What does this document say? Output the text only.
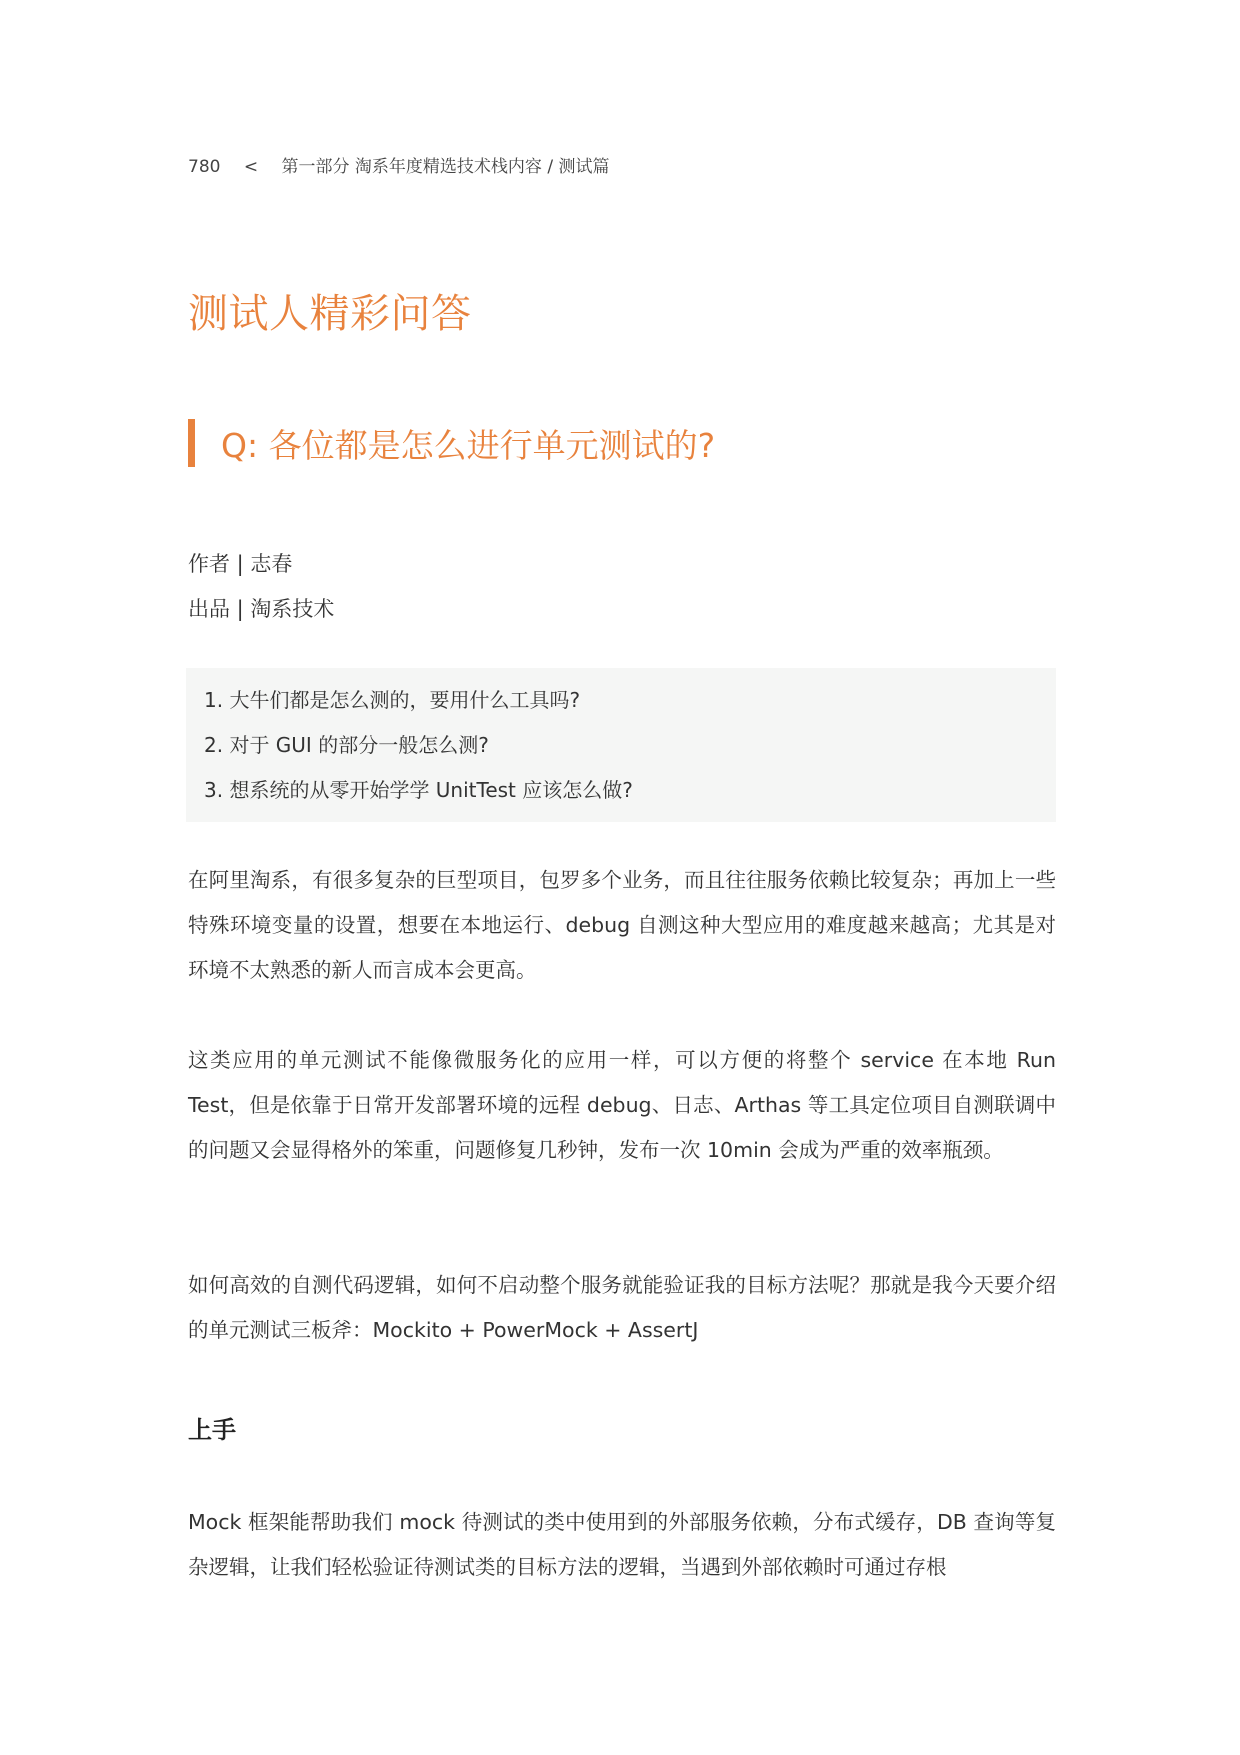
780 < 第一部分 淘系年度精选技术栈内容 / 测试篇
测试人精彩问答
Q: 各位都是怎么进行单元测试的?
作者 | 志春
出品 | 淘系技术
1. 大牛们都是怎么测的，要用什么工具吗?
2. 对于 GUI 的部分一般怎么测?
3. 想系统的从零开始学学 UnitTest 应该怎么做?

在阿里淘系，有很多复杂的巨型项目，包罗多个业务，而且往往服务依赖比较复杂；再加上一些特殊环境变量的设置，想要在本地运行、debug 自测这种大型应用的难度越来越高；尤其是对环境不太熟悉的新人而言成本会更高。

这类应用的单元测试不能像微服务化的应用一样，可以方便的将整个 service 在本地 Run Test，但是依靠于日常开发部署环境的远程 debug、日志、Arthas 等工具定位项目自测联调中的问题又会显得格外的笨重，问题修复几秒钟，发布一次 10min 会成为严重的效率瓶颈。

如何高效的自测代码逻辑，如何不启动整个服务就能验证我的目标方法呢？那就是我今天要介绍的单元测试三板斧：Mockito + PowerMock + AssertJ

上手

Mock 框架能帮助我们 mock 待测试的类中使用到的外部服务依赖，分布式缓存，DB 查询等复杂逻辑，让我们轻松验证待测试类的目标方法的逻辑，当遇到外部依赖时可通过存根
